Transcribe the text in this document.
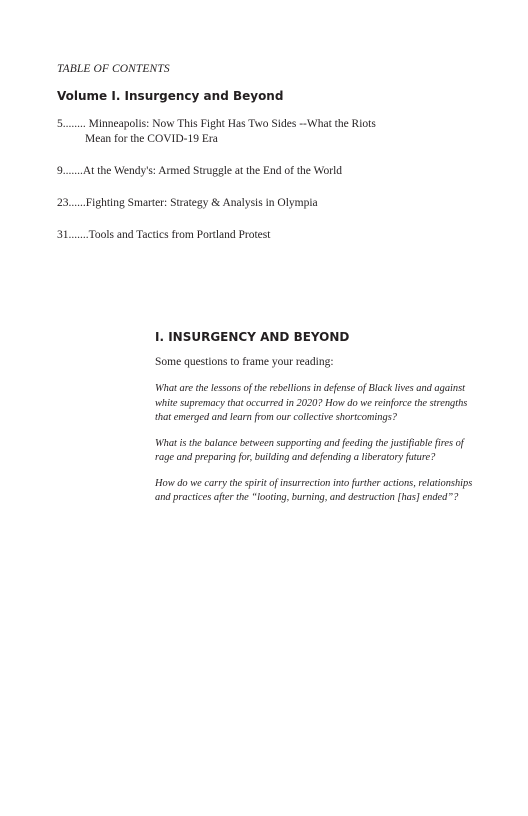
TABLE OF CONTENTS
Volume I. Insurgency and Beyond
5........ Minneapolis: Now This Fight Has Two Sides --What the Riots Mean for the COVID-19 Era
9.......At the Wendy's: Armed Struggle at the End of the World
23......Fighting Smarter: Strategy & Analysis in Olympia
31.......Tools and Tactics from Portland Protest
I. INSURGENCY AND BEYOND

Some questions to frame your reading:

What are the lessons of the rebellions in defense of Black lives and against white supremacy that occurred in 2020? How do we reinforce the strengths that emerged and learn from our collective shortcomings?

What is the balance between supporting and feeding the justifiable fires of rage and preparing for, building and defending a liberatory future?

How do we carry the spirit of insurrection into further actions, relationships and practices after the “looting, burning, and destruction [has] ended”?
